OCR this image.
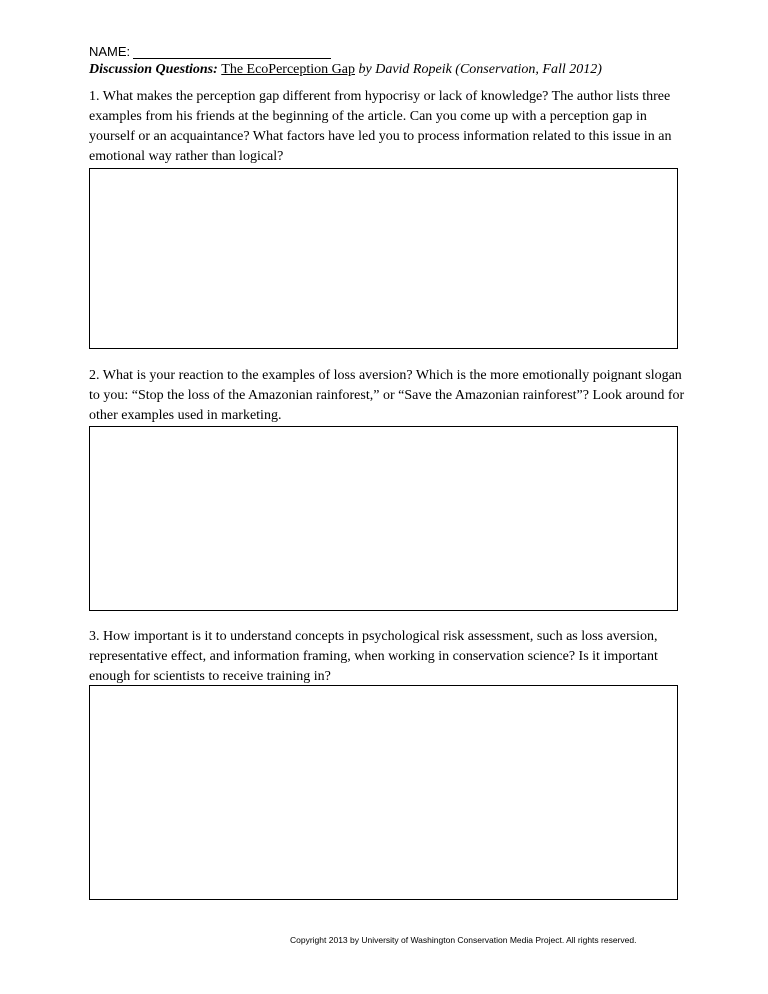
NAME:
Discussion Questions: The EcoPerception Gap by David Ropeik (Conservation, Fall 2012)
1. What makes the perception gap different from hypocrisy or lack of knowledge? The author lists three examples from his friends at the beginning of the article. Can you come up with a perception gap in yourself or an acquaintance? What factors have led you to process information related to this issue in an emotional way rather than logical?
2. What is your reaction to the examples of loss aversion? Which is the more emotionally poignant slogan to you: “Stop the loss of the Amazonian rainforest,” or “Save the Amazonian rainforest”? Look around for other examples used in marketing.
3. How important is it to understand concepts in psychological risk assessment, such as loss aversion, representative effect, and information framing, when working in conservation science? Is it important enough for scientists to receive training in?
Copyright 2013 by University of Washington Conservation Media Project. All rights reserved.
